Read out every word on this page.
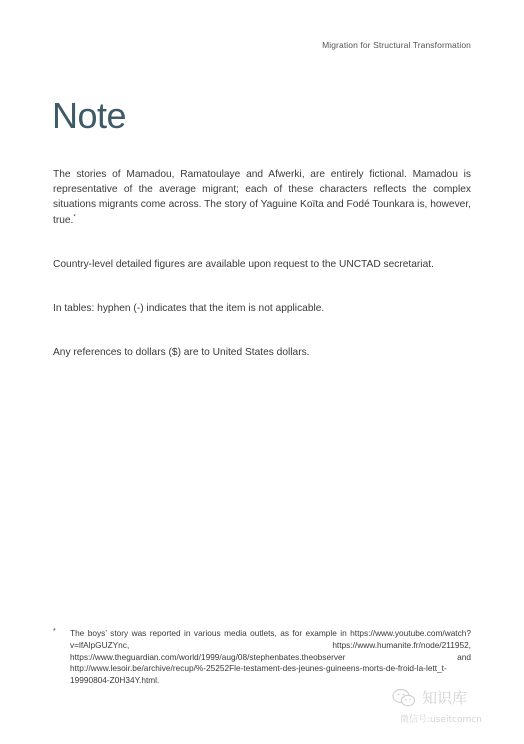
Migration for Structural Transformation
Note

The stories of Mamadou, Ramatoulaye and Afwerki, are entirely fictional. Mamadou is representative of the average migrant; each of these characters reflects the complex situations migrants come across. The story of Yaguine Koïta and Fodé Tounkara is, however, true.*

Country-level detailed figures are available upon request to the UNCTAD secretariat.

In tables: hyphen (-) indicates that the item is not applicable.

Any references to dollars ($) are to United States dollars.

* The boys’ story was reported in various media outlets, as for example in https://www.youtube.com/watch?v=lfAlpGUZYnc, https://www.humanite.fr/node/211952, https://www.theguardian.com/world/1999/aug/08/stephenbates.theobserver and http://www.lesoir.be/archive/recup/%-25252Fle-testament-des-jeunes-guineens-morts-de-froid-la-lett_t-19990804-Z0H34Y.html.

知识库
微信号:useitcomcn
